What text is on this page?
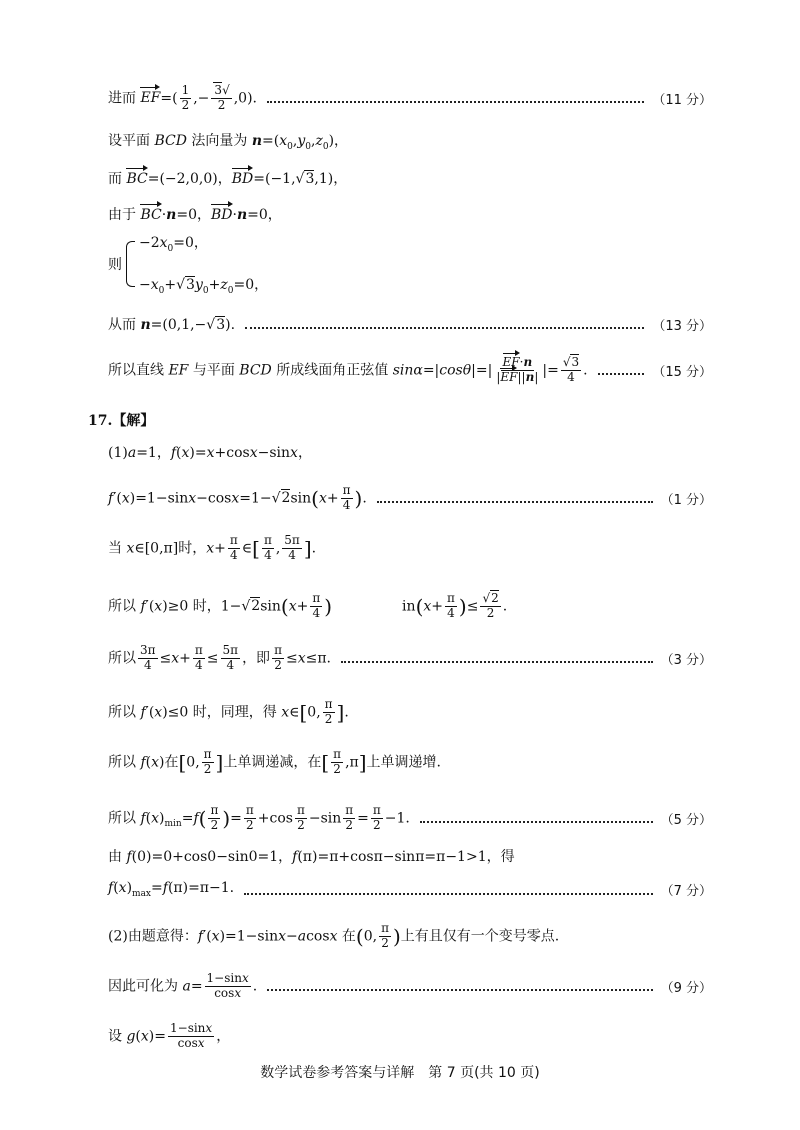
进而 $EF=( \frac{1}{2}$ ,− $\frac{3√}{2} ,0$).	（11 分）
设平面 BCD 法向量为 $n=(x_0,y_0,z_0)$，
而 BC=(−2,0,0)，BD=(−1,√3,1)，
由于 BC·n=0，BD·n=0，
则
$-2x_0=0$，
$-x_0+√3y_0+z_0=0$，
从而 n=(0,1,−√3).	（13 分）
所以直线 EF 与平面 BCD 所成线面角正弦值 $\sin\alpha=|\cos\theta|=| \frac{EF\cdot n}{|EF||n|}$ |= $\frac{√3}{4}$ .	（15 分）
17.【解】
(1)a=1，f(x)=x+cosx−sinx，
$f'(x)=1-\sin x-\cos x=1-√2\sin(x+ \frac{\pi}{4}$ ).	（1 分）
当 x∈[0,π]时，$x+ \frac{\pi}{4}$ ∈[ $\frac{\pi}{4}$ , $\frac{5\pi}{4}$ ].
所以 f′(x)≥0 时，$1-√2\sin(x+ \frac{\pi}{4}$ )　　　　　$in(x+ \frac{\pi}{4}$ )≤ $\frac{√2}{2}$ .
所以 $\frac{3\pi}{4} \le x+ \frac{\pi}{4} \le \frac{5\pi}{4}$ ，即 $\frac{\pi}{2} \le x\le\pi$.	（3 分）
所以 f′(x)≤0 时，同理，得 x∈[0, $\frac{\pi}{2}$ ].
所以 f(x)在[0, $\frac{\pi}{2}$ ]上单调递减，在[ $\frac{\pi}{2} ,\pi$]上单调递增.
所以 $f(x)_{min}=f( \frac{\pi}{2}$ )= $\frac{\pi}{2} +\cos \frac{\pi}{2} -\sin \frac{\pi}{2} = \frac{\pi}{2} -1$.	（5 分）
由 f(0)=0+cos0−sin0=1，f(π)=π+cosπ−sinπ=π−1>1，得
$f(x)_{max}=f(\pi)=\pi-1$.	（7 分）
(2)由题意得：f′(x)=1−sinx−acosx 在(0, $\frac{\pi}{2}$ )上有且仅有一个变号零点.
因此可化为 $a= \frac{1-\sin x}{\cos x}$ .	（9 分）
设 $g(x)= \frac{1-\sin x}{\cos x}$ ，
数学试卷参考答案与详解　第 7 页(共 10 页)
